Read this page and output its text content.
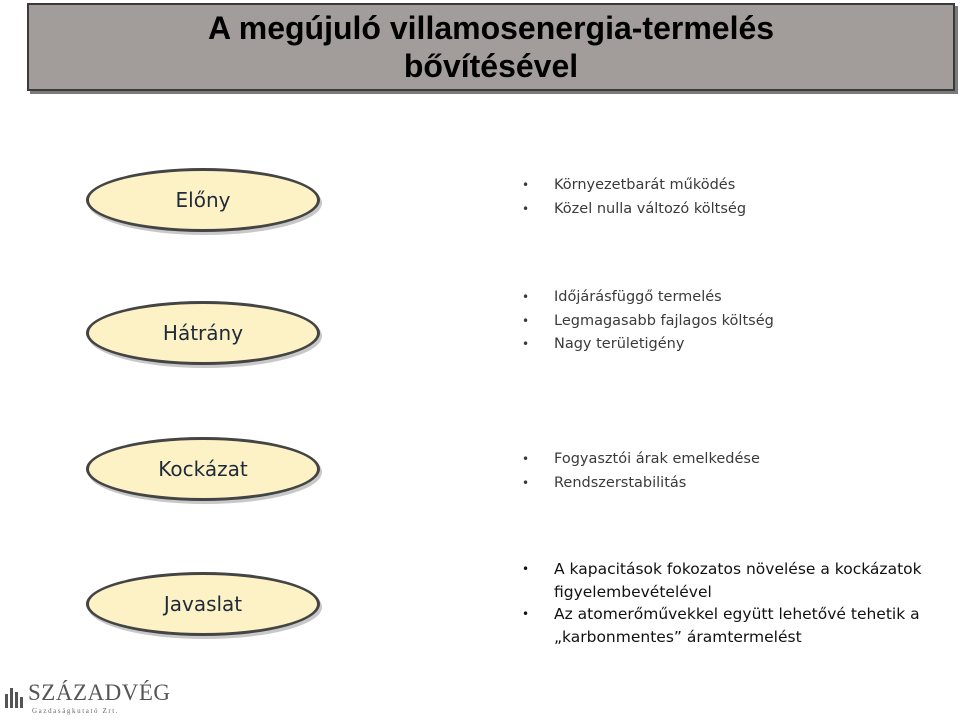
A megújuló villamosenergia-termelés
bővítésével
Előny
• Környezetbarát működés
• Közel nulla változó költség
Hátrány
• Időjárásfüggő termelés
• Legmagasabb fajlagos költség
• Nagy területigény
Kockázat	• Fogyasztói árak emelkedése
• Rendszerstabilitás
Javaslat
• A kapacitások fokozatos növelése a kockázatok figyelembevételével
• Az atomerőművekkel együtt lehetővé tehetik a „karbonmentes” áramtermelést
SZÁZADVÉG
Gazdaságkutató Zrt.
